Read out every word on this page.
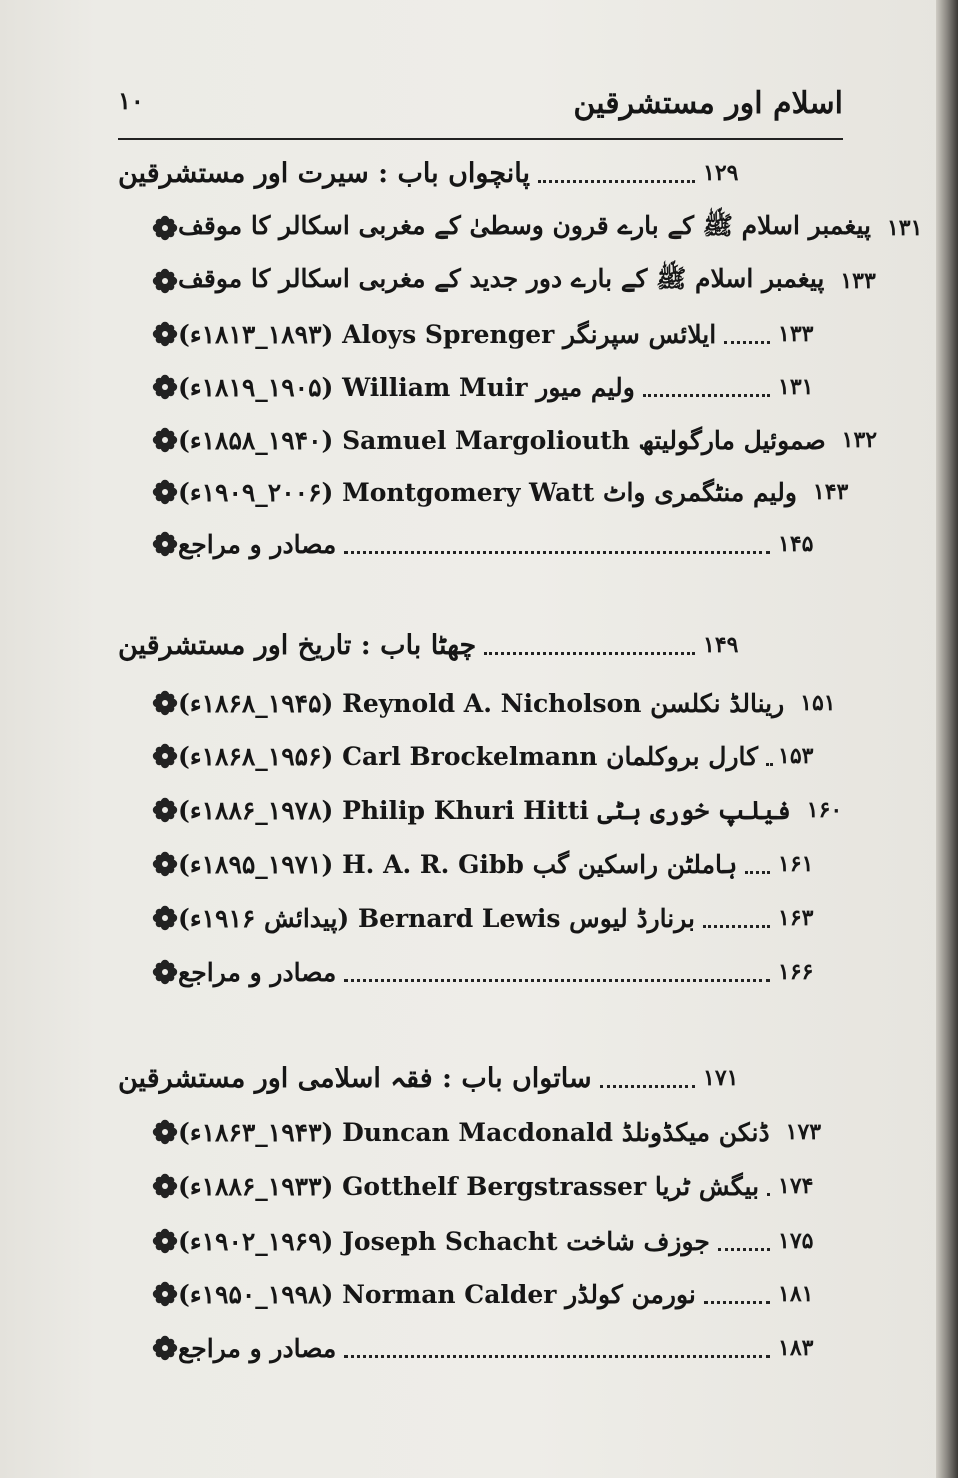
اسلام اور مستشرقین
۱۰
پانچواں باب : سیرت اور مستشرقین	۱۲۹
پیغمبر اسلام ﷺ کے بارے قرون وسطیٰ کے مغربی اسکالر کا موقف ۱۳۱
پیغمبر اسلام ﷺ کے بارے دور جدید کے مغربی اسکالر کا موقف ۱۳۳
ایلائس سپرنگر Aloys Sprenger (۱۸۱۳_۱۸۹۳ء)	۱۳۳
ولیم میور William Muir (۱۸۱۹_۱۹۰۵ء)	۱۳۱
صموئیل مارگولیتھ Samuel Margoliouth (۱۸۵۸_۱۹۴۰ء) ۱۳۲
ولیم منٹگمری واٹ Montgomery Watt (۱۹۰۹_۲۰۰۶ء) ۱۴۳
مصادر و مراجع	۱۴۵
چھٹا باب : تاریخ اور مستشرقین	۱۴۹
رینالڈ نکلسن Reynold A. Nicholson (۱۸۶۸_۱۹۴۵ء) ۱۵۱
کارل بروکلمان Carl Brockelmann (۱۸۶۸_۱۹۵۶ء) ۱۵۳
فیلپ خوری ہٹی Philip Khuri Hitti (۱۸۸۶_۱۹۷۸ء) ۱۶۰
ہاملٹن راسکین گب H. A. R. Gibb (۱۸۹۵_۱۹۷۱ء) ۱۶۱
برنارڈ لیوس Bernard Lewis (پیدائش ۱۹۱۶ء)	۱۶۳
مصادر و مراجع	۱۶۶
ساتواں باب : فقہ اسلامی اور مستشرقین	۱۷۱
ڈنکن میکڈونلڈ Duncan Macdonald (۱۸۶۳_۱۹۴۳ء) ۱۷۳
بیگش ٹریا Gotthelf Bergstrasser (۱۸۸۶_۱۹۳۳ء) ۱۷۴
جوزف شاخت Joseph Schacht (۱۹۰۲_۱۹۶۹ء)	۱۷۵
نورمن کولڈر Norman Calder (۱۹۵۰_۱۹۹۸ء)	۱۸۱
مصادر و مراجع	۱۸۳
